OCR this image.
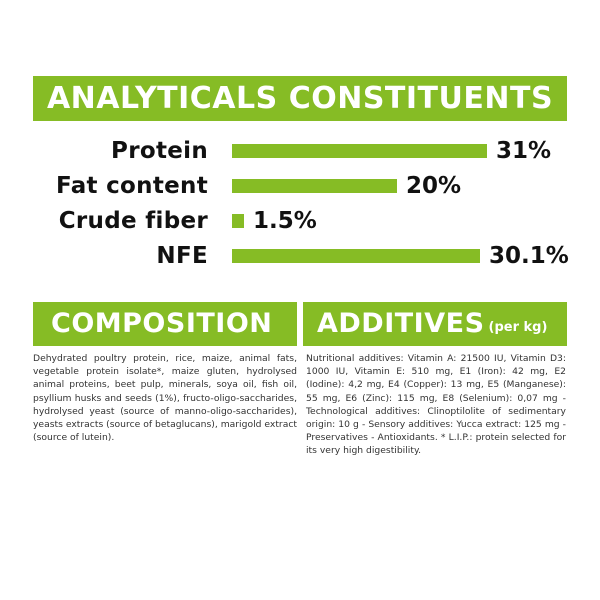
ANALYTICALS CONSTITUENTS
Protein	31%
Fat content	20%
Crude fiber 1.5%
NFE	30.1%
COMPOSITION	ADDITIVES (per kg)

Dehydrated poultry protein, rice, maize, animal fats, vegetable protein isolate*, maize gluten, hydrolysed animal proteins, beet pulp, minerals, soya oil, fish oil, psyllium husks and seeds (1%), fructo-oligo-saccharides, hydrolysed yeast (source of manno-oligo-saccharides), yeasts extracts (source of betaglucans), marigold extract (source of lutein).

Nutritional additives: Vitamin A: 21500 IU, Vitamin D3: 1000 IU, Vitamin E: 510 mg, E1 (Iron): 42 mg, E2 (Iodine): 4,2 mg, E4 (Copper): 13 mg, E5 (Manganese): 55 mg, E6 (Zinc): 115 mg, E8 (Selenium): 0,07 mg - Technological additives: Clinoptilolite of sedimentary origin: 10 g - Sensory additives: Yucca extract: 125 mg - Preservatives - Antioxidants. * L.I.P.: protein selected for its very high digestibility.
